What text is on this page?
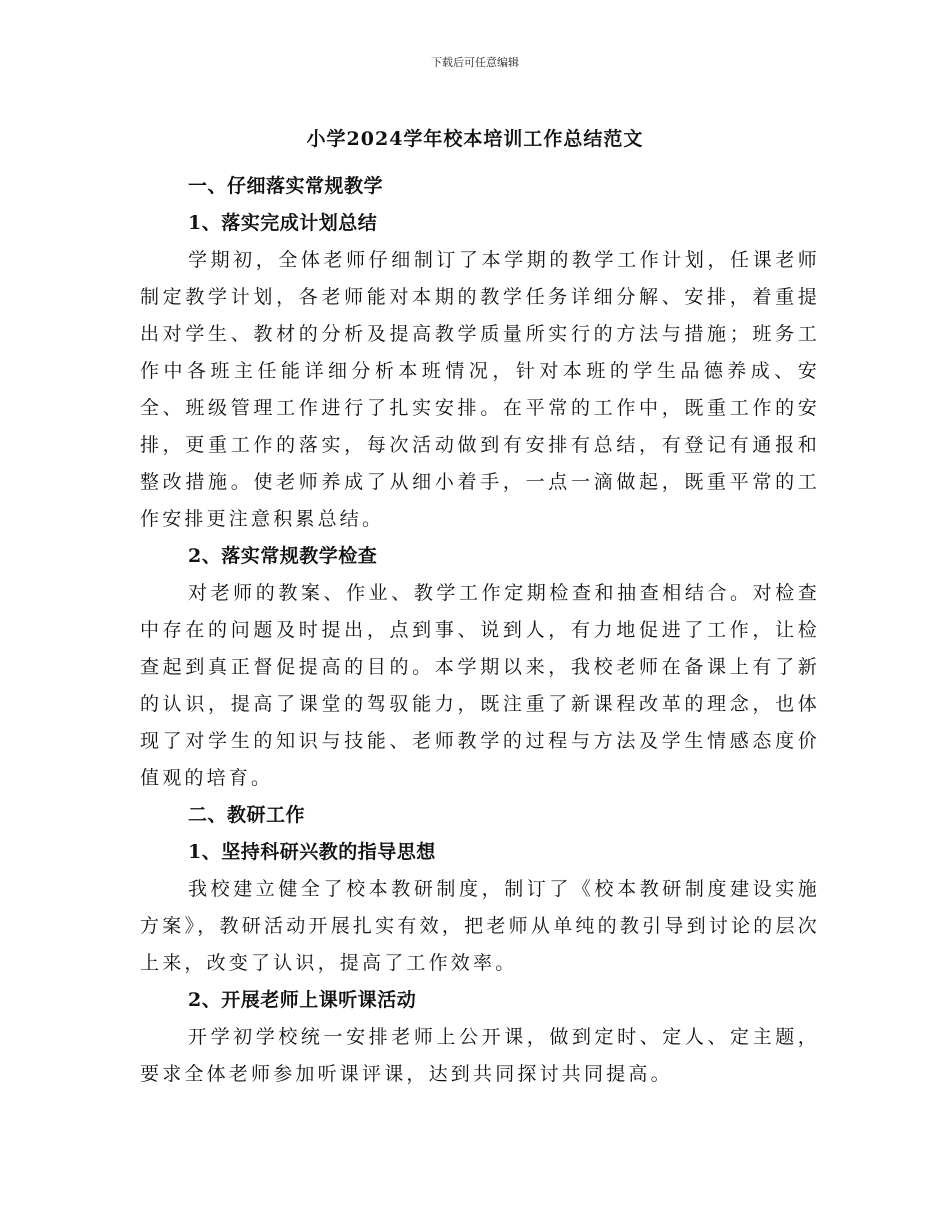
下载后可任意编辑
小学2024学年校本培训工作总结范文
一、仔细落实常规教学
1、落实完成计划总结

学期初，全体老师仔细制订了本学期的教学工作计划，任课老师制定教学计划，各老师能对本期的教学任务详细分解、安排，着重提出对学生、教材的分析及提高教学质量所实行的方法与措施；班务工作中各班主任能详细分析本班情况，针对本班的学生品德养成、安全、班级管理工作进行了扎实安排。在平常的工作中，既重工作的安排，更重工作的落实，每次活动做到有安排有总结，有登记有通报和整改措施。使老师养成了从细小着手，一点一滴做起，既重平常的工作安排更注意积累总结。

2、落实常规教学检查

对老师的教案、作业、教学工作定期检查和抽查相结合。对检查中存在的问题及时提出，点到事、说到人，有力地促进了工作，让检查起到真正督促提高的目的。本学期以来，我校老师在备课上有了新的认识，提高了课堂的驾驭能力，既注重了新课程改革的理念，也体现了对学生的知识与技能、老师教学的过程与方法及学生情感态度价值观的培育。

二、教研工作
1、坚持科研兴教的指导思想

我校建立健全了校本教研制度，制订了《校本教研制度建设实施方案》，教研活动开展扎实有效，把老师从单纯的教引导到讨论的层次上来，改变了认识，提高了工作效率。

2、开展老师上课听课活动

开学初学校统一安排老师上公开课，做到定时、定人、定主题，要求全体老师参加听课评课，达到共同探讨共同提高。
